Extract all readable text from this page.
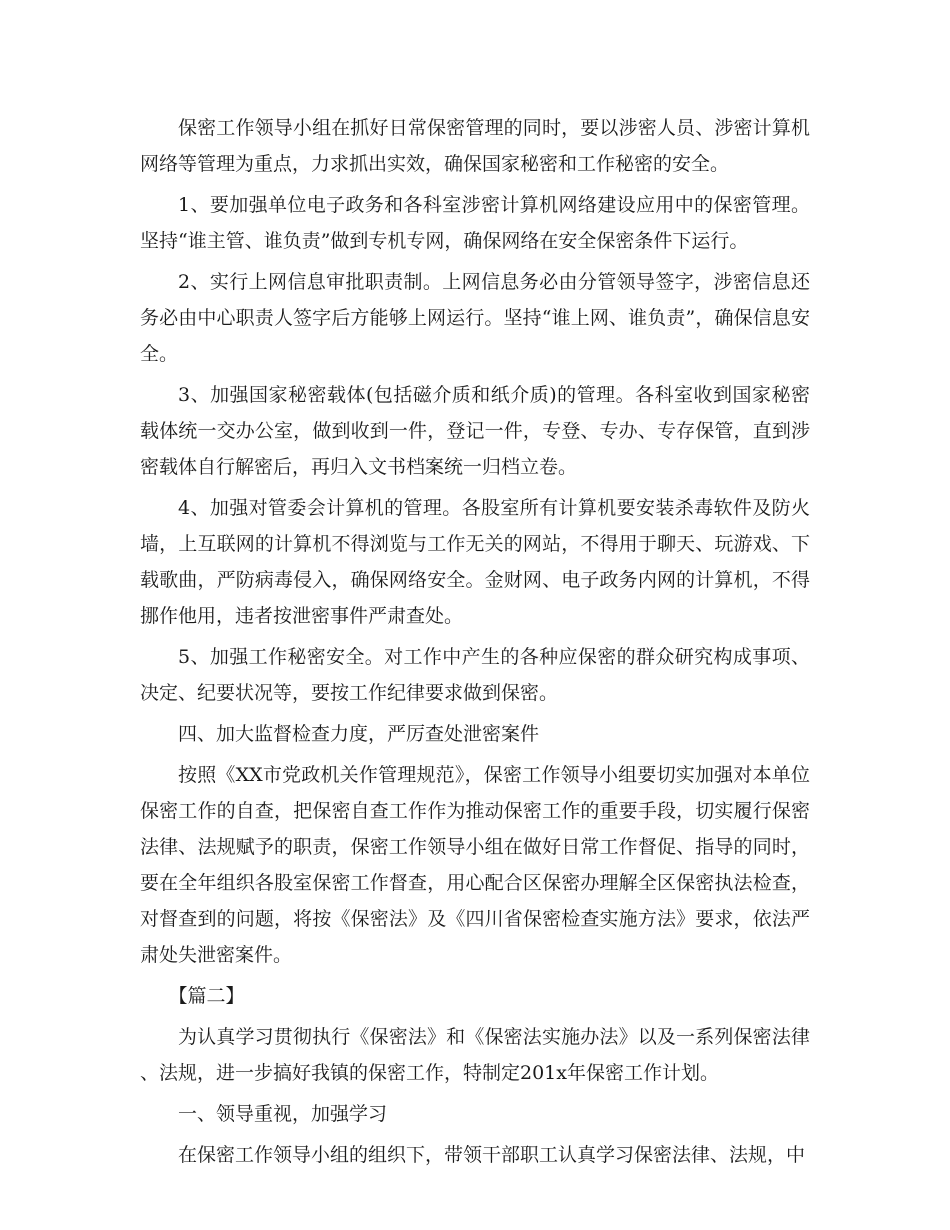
保密工作领导小组在抓好日常保密管理的同时，要以涉密人员、涉密计算机网络等管理为重点，力求抓出实效，确保国家秘密和工作秘密的安全。

1、要加强单位电子政务和各科室涉密计算机网络建设应用中的保密管理。坚持“谁主管、谁负责”做到专机专网，确保网络在安全保密条件下运行。

2、实行上网信息审批职责制。上网信息务必由分管领导签字，涉密信息还务必由中心职责人签字后方能够上网运行。坚持“谁上网、谁负责”，确保信息安全。

3、加强国家秘密载体(包括磁介质和纸介质)的管理。各科室收到国家秘密载体统一交办公室，做到收到一件，登记一件，专登、专办、专存保管，直到涉密载体自行解密后，再归入文书档案统一归档立卷。

4、加强对管委会计算机的管理。各股室所有计算机要安装杀毒软件及防火墙，上互联网的计算机不得浏览与工作无关的网站，不得用于聊天、玩游戏、下载歌曲，严防病毒侵入，确保网络安全。金财网、电子政务内网的计算机，不得挪作他用，违者按泄密事件严肃查处。

5、加强工作秘密安全。对工作中产生的各种应保密的群众研究构成事项、决定、纪要状况等，要按工作纪律要求做到保密。

四、加大监督检查力度，严厉查处泄密案件

按照《XX市党政机关作管理规范》，保密工作领导小组要切实加强对本单位保密工作的自查，把保密自查工作作为推动保密工作的重要手段，切实履行保密法律、法规赋予的职责，保密工作领导小组在做好日常工作督促、指导的同时，要在全年组织各股室保密工作督查，用心配合区保密办理解全区保密执法检查，对督查到的问题，将按《保密法》及《四川省保密检查实施方法》要求，依法严肃处失泄密案件。

【篇二】

为认真学习贯彻执行《保密法》和《保密法实施办法》以及一系列保密法律、法规，进一步搞好我镇的保密工作，特制定201x年保密工作计划。

一、领导重视，加强学习

在保密工作领导小组的组织下，带领干部职工认真学习保密法律、法规，中
